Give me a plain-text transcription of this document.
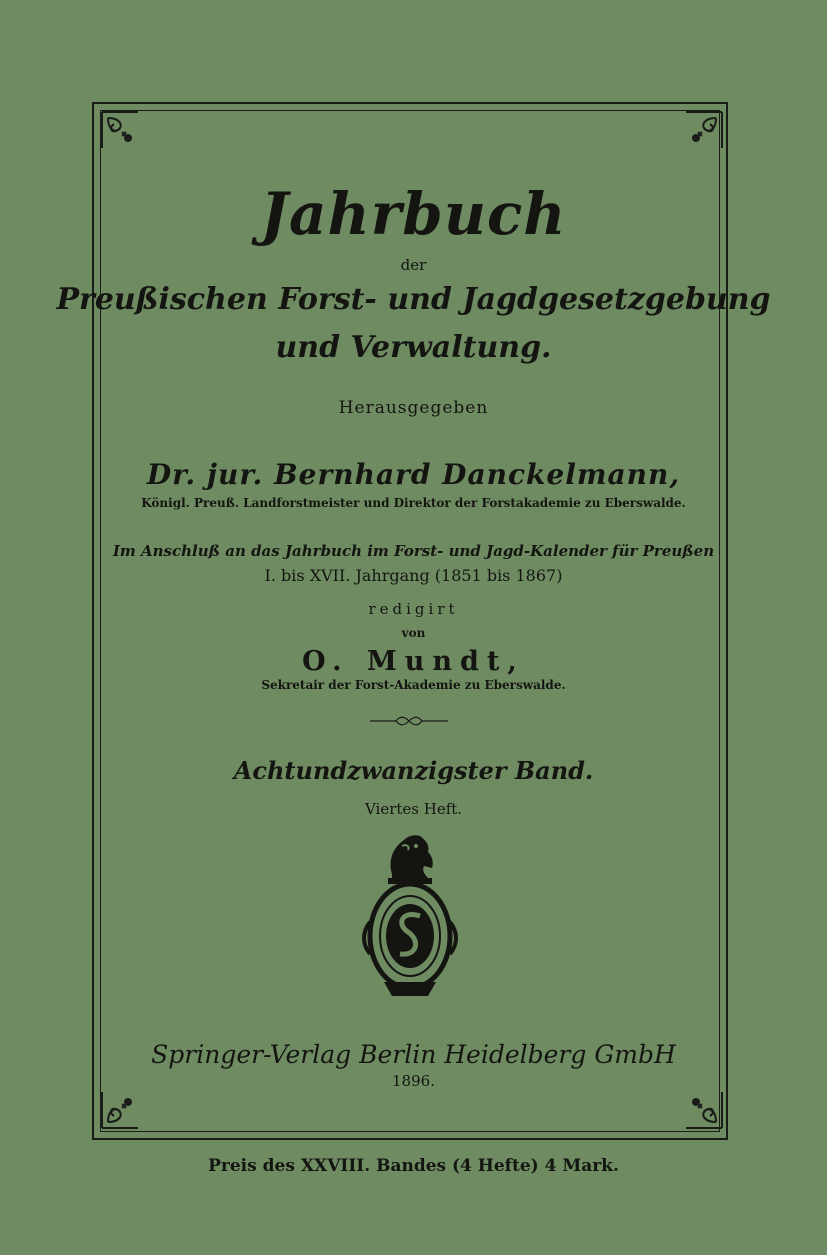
Jahrbuch
der
Preußischen Forst- und Jagdgesetzgebung
und Verwaltung.
Herausgegeben
Dr. jur. Bernhard Danckelmann,
Königl. Preuß. Landforstmeister und Direktor der Forstakademie zu Eberswalde.
Im Anschluß an das Jahrbuch im Forst- und Jagd-Kalender für Preußen
I. bis XVII. Jahrgang (1851 bis 1867)
redigirt
von
O. Mundt,
Sekretair der Forst-Akademie zu Eberswalde.
Achtundzwanzigster Band.
Viertes Heft.
Springer-Verlag Berlin Heidelberg GmbH
1896.
Preis des XXVIII. Bandes (4 Hefte) 4 Mark.
